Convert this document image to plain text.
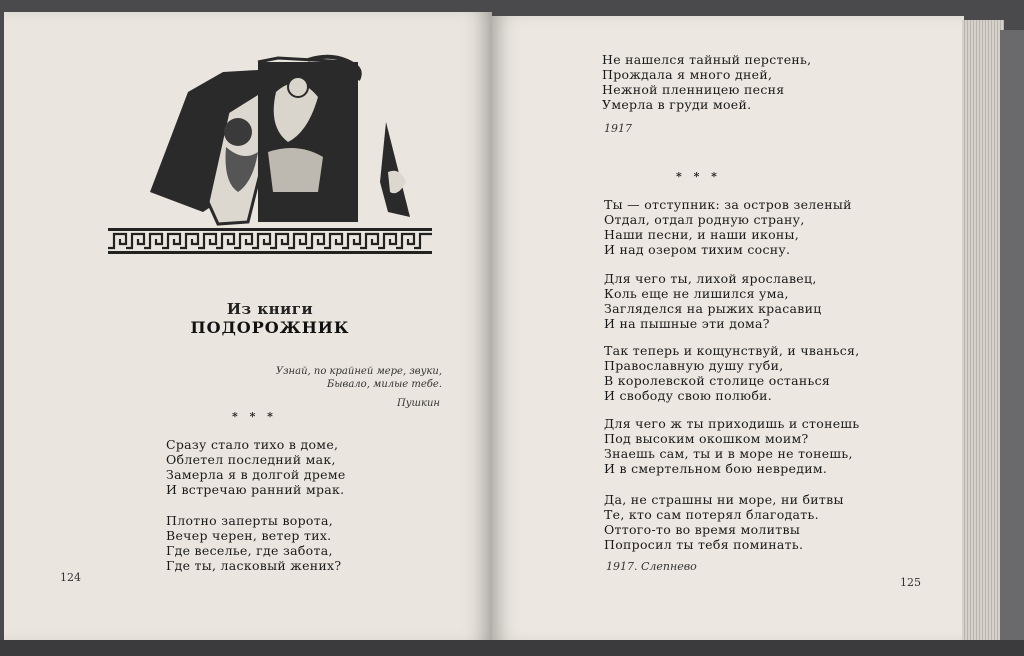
Из книги
ПОДОРОЖНИК
Узнай, по крайней мере, звуки,
Бывало, милые тебе.
Пушкин
* * *
Сразу стало тихо в доме,
Облетел последний мак,
Замерла я в долгой дреме
И встречаю ранний мрак.
Плотно заперты ворота,
Вечер черен, ветер тих.
Где веселье, где забота,
Где ты, ласковый жених?
124
Не нашелся тайный перстень,
Прождала я много дней,
Нежной пленницею песня
Умерла в груди моей.
1917
* * *
Ты — отступник: за остров зеленый
Отдал, отдал родную страну,
Наши песни, и наши иконы,
И над озером тихим сосну.
Для чего ты, лихой ярославец,
Коль еще не лишился ума,
Загляделся на рыжих красавиц
И на пышные эти дома?
Так теперь и кощунствуй, и чванься,
Православную душу губи,
В королевской столице останься
И свободу свою полюби.
Для чего ж ты приходишь и стонешь
Под высоким окошком моим?
Знаешь сам, ты и в море не тонешь,
И в смертельном бою невредим.
Да, не страшны ни море, ни битвы
Те, кто сам потерял благодать.
Оттого-то во время молитвы
Попросил ты тебя поминать.
1917. Слепнево
125
